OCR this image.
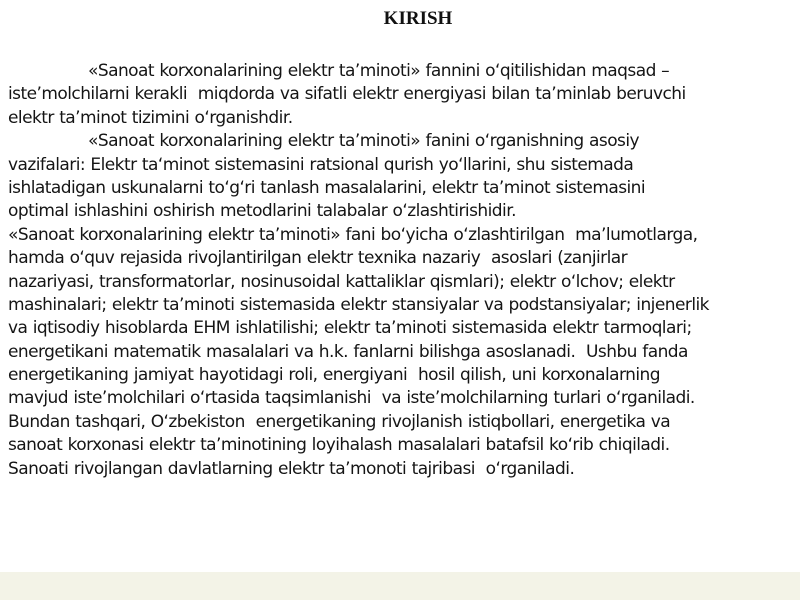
KIRISH
«Sanoat korxonalarining elektr ta’minoti» fannini o‘qitilishidan maqsad –
iste’molchilarni kerakli  miqdorda va sifatli elektr energiyasi bilan ta’minlab beruvchi
elektr ta’minot tizimini o‘rganishdir.
«Sanoat korxonalarining elektr ta’minoti» fanini o‘rganishning asosiy
vazifalari: Elektr ta‘minot sistemasini ratsional qurish yo‘llarini, shu sistemada
ishlatadigan uskunalarni to‘g‘ri tanlash masalalarini, elektr ta’minot sistemasini
optimal ishlashini oshirish metodlarini talabalar o‘zlashtirishidir.
«Sanoat korxonalarining elektr ta’minoti» fani bo‘yicha o‘zlashtirilgan  ma’lumotlarga,
hamda o‘quv rejasida rivojlantirilgan elektr texnika nazariy  asoslari (zanjirlar
nazariyasi, transformatorlar, nosinusoidal kattaliklar qismlari); elektr o‘lchov; elektr
mashinalari; elektr ta’minoti sistemasida elektr stansiyalar va podstansiyalar; injenerlik
va iqtisodiy hisoblarda EHM ishlatilishi; elektr ta’minoti sistemasida elektr tarmoqlari;
energetikani matematik masalalari va h.k. fanlarni bilishga asoslanadi.  Ushbu fanda
energetikaning jamiyat hayotidagi roli, energiyani  hosil qilish, uni korxonalarning
mavjud iste’molchilari o‘rtasida taqsimlanishi  va iste’molchilarning turlari o‘rganiladi.
Bundan tashqari, O‘zbekiston  energetikaning rivojlanish istiqbollari, energetika va
sanoat korxonasi elektr ta’minotining loyihalash masalalari batafsil ko‘rib chiqiladi.
Sanoati rivojlangan davlatlarning elektr ta’monoti tajribasi  o‘rganiladi.
